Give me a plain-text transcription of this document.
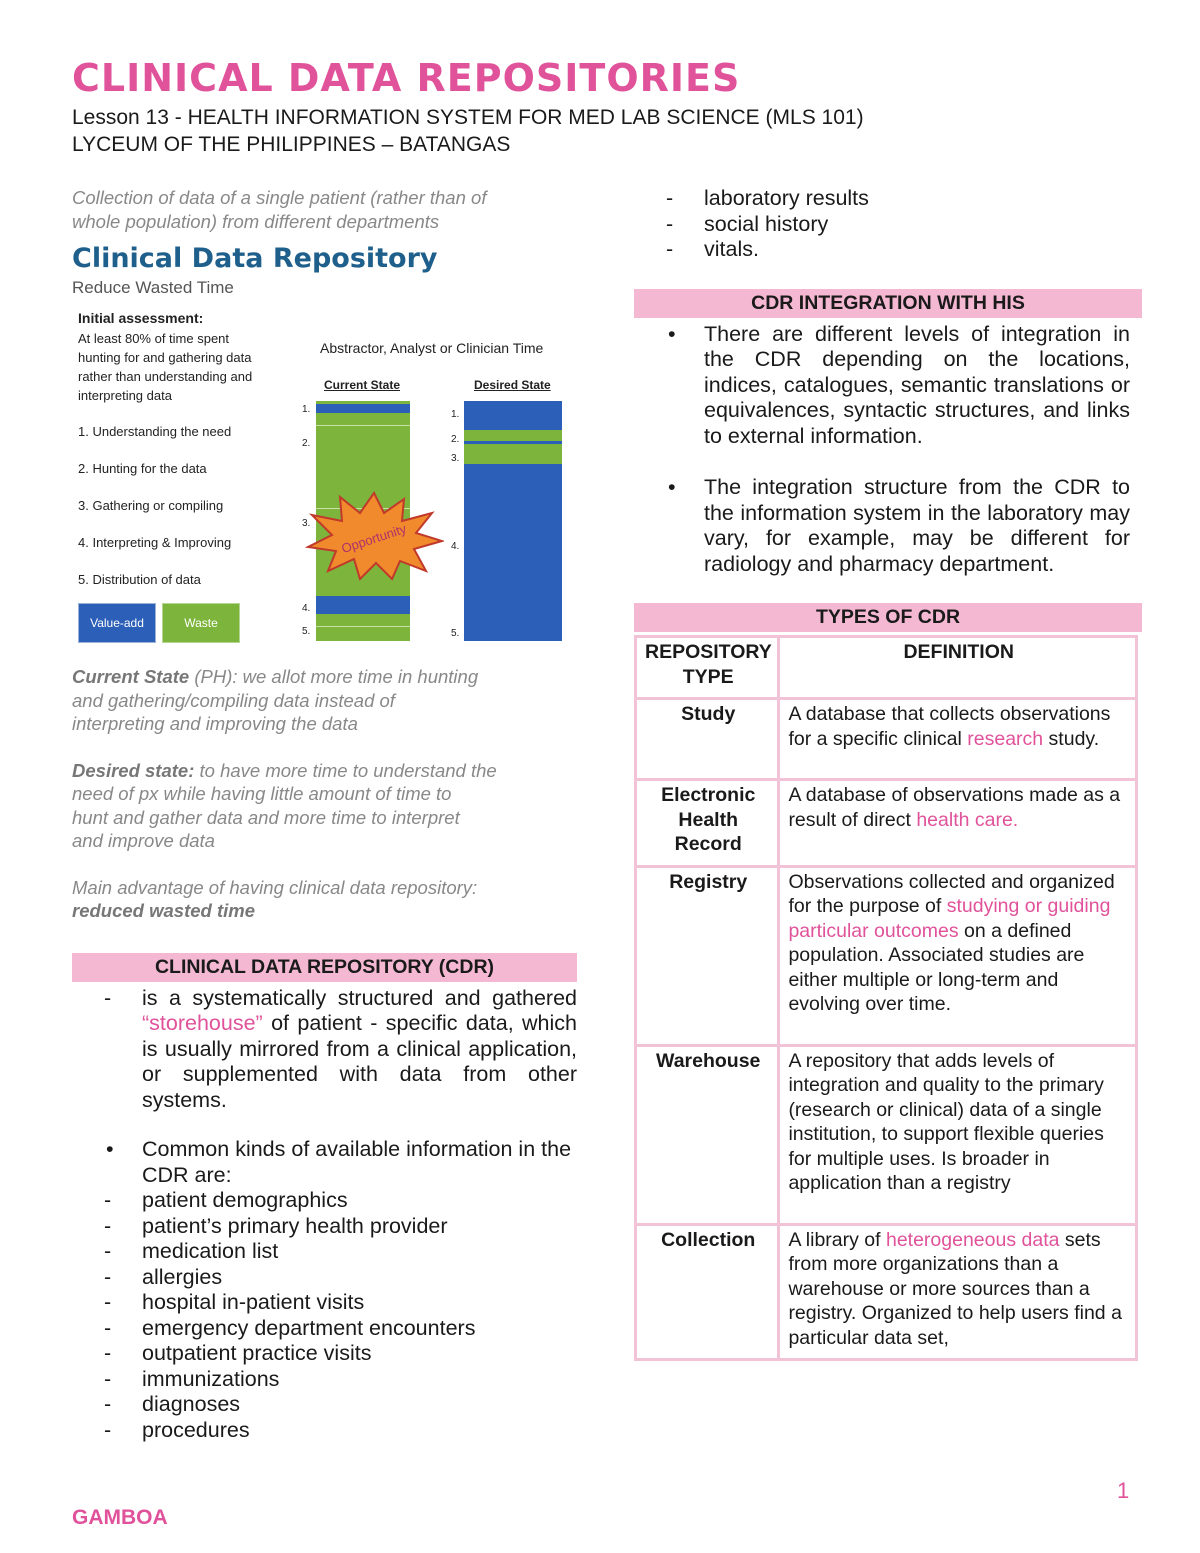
CLINICAL DATA REPOSITORIES
Lesson 13 - HEALTH INFORMATION SYSTEM FOR MED LAB SCIENCE (MLS 101)
LYCEUM OF THE PHILIPPINES – BATANGAS
Collection of data of a single patient (rather than of
whole population) from different departments
Clinical Data Repository
Reduce Wasted Time
Initial assessment:
At least 80% of time spent
hunting for and gathering data
rather than understanding and
interpreting data
1. Understanding the need
2. Hunting for the data
3. Gathering or compiling
4. Interpreting & Improving
5. Distribution of data
Value-add	Waste
Abstractor, Analyst or Clinician Time
Current State	Desired State
1.
2.
3.
4.
5.
Opportunity
1.
2.
3.
4.
5.
Current State (PH): we allot more time in hunting
and gathering/compiling data instead of
interpreting and improving the data
Desired state: to have more time to understand the
need of px while having little amount of time to
hunt and gather data and more time to interpret
and improve data
Main advantage of having clinical data repository:
reduced wasted time
CLINICAL DATA REPOSITORY (CDR)
- is a systematically structured and gathered “storehouse” of patient - specific data, which is usually mirrored from a clinical application, or supplemented with data from other systems.
• Common kinds of available information in the CDR are:
- patient demographics
- patient’s primary health provider
- medication list
- allergies
- hospital in-patient visits
- emergency department encounters
- outpatient practice visits
- immunizations
- diagnoses
- procedures
- laboratory results
- social history
- vitals.
CDR INTEGRATION WITH HIS
• There are different levels of integration in the CDR depending on the locations, indices, catalogues, semantic translations or equivalences, syntactic structures, and links to external information.
• The integration structure from the CDR to the information system in the laboratory may vary, for example, may be different for radiology and pharmacy department.
TYPES OF CDR
REPOSITORY TYPE	DEFINITION
Study	A database that collects observations for a specific clinical research study.
Electronic Health Record	A database of observations made as a result of direct health care.
Registry	Observations collected and organized for the purpose of studying or guiding particular outcomes on a defined population. Associated studies are either multiple or long-term and evolving over time.
Warehouse	A repository that adds levels of integration and quality to the primary (research or clinical) data of a single institution, to support flexible queries for multiple uses. Is broader in application than a registry
Collection	A library of heterogeneous data sets from more organizations than a warehouse or more sources than a registry. Organized to help users find a particular data set,
1
GAMBOA
